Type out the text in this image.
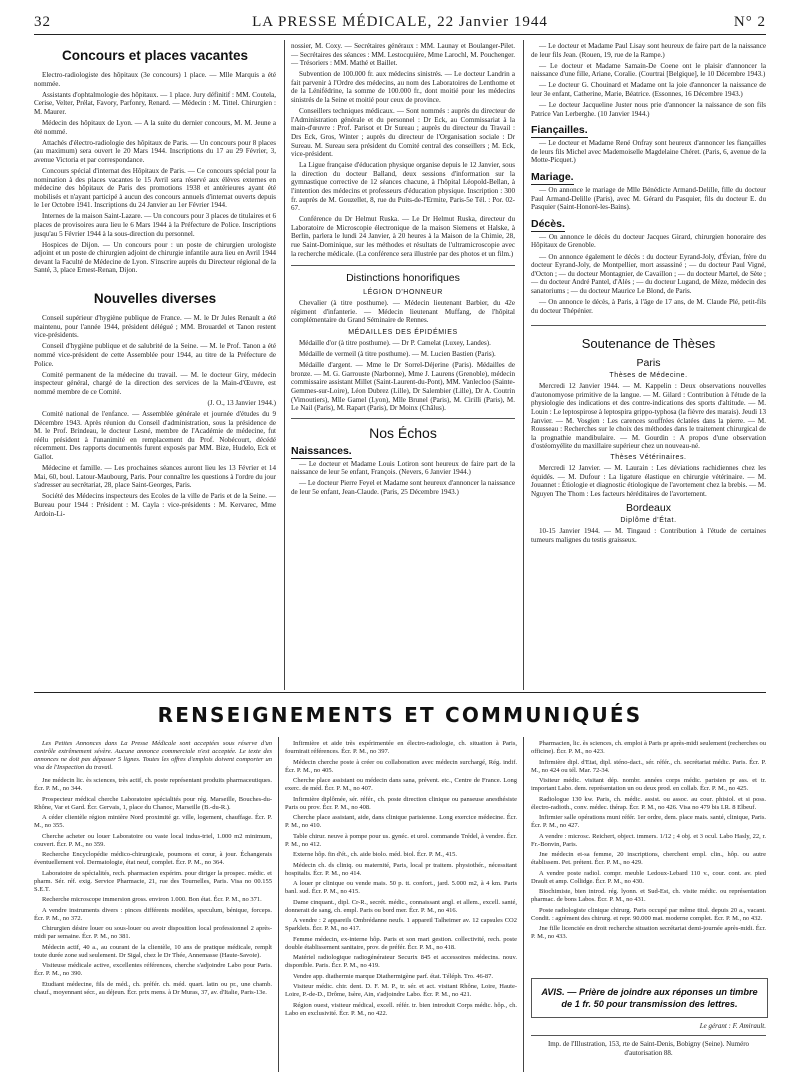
32	LA PRESSE MÉDICALE, 22 Janvier 1944	N° 2
Concours et places vacantes

Electro-radiologiste des hôpitaux (3e concours) 1 place. — Mlle Marquis a été nommée.

Assistants d'ophtalmologie des hôpitaux. — 1 place. Jury définitif : MM. Coutela, Cerise, Velter, Prélat, Favory, Parfonry, Renard. — Médecin : M. Tittel. Chirurgien : M. Maurer.

Médecin des hôpitaux de Lyon. — A la suite du dernier concours, M. M. Jeune a été nommé.

Attachés d'électro-radiologie des hôpitaux de Paris. — Un concours pour 8 places (au maximum) sera ouvert le 20 Mars 1944. Inscriptions du 17 au 29 Février, 3, avenue Victoria et par correspondance.

Concours spécial d'internat des Hôpitaux de Paris. — Ce concours spécial pour la nomination à des places vacantes le 15 Avril sera réservé aux élèves externes en médecine des hôpitaux de Paris des promotions 1938 et antérieures ayant été mobilisés et n'ayant participé à aucun des concours annuels d'internat ouverts depuis le 1er Octobre 1941. Inscriptions du 24 Janvier au 1er Février 1944.

Internes de la maison Saint-Lazare. — Un concours pour 3 places de titulaires et 6 places de provisoires aura lieu le 6 Mars 1944 à la Préfecture de Police. Inscriptions jusqu'au 5 Février 1944 à la sous-direction du personnel.

Hospices de Dijon. — Un concours pour : un poste de chirurgien urologiste adjoint et un poste de chirurgien adjoint de chirurgie infantile aura lieu en Avril 1944 devant la Faculté de Médecine de Lyon. S'inscrire auprès du Directeur régional de la Santé, 3, place Ernest-Renan, Dijon.

Nouvelles diverses

Conseil supérieur d'hygiène publique de France. — M. le Dr Jules Renault a été maintenu, pour l'année 1944, président délégué ; MM. Brouardel et Tanon restent vice-présidents.

Conseil d'hygiène publique et de salubrité de la Seine. — M. le Prof. Tanon a été nommé vice-président de cette Assemblée pour 1944, au titre de la Préfecture de Police.

Comité permanent de la médecine du travail. — M. le docteur Giry, médecin inspecteur général, chargé de la direction des services de la Main-d'Œuvre, est nommé membre de ce Comité.

(J. O., 13 Janvier 1944.)

Comité national de l'enfance. — Assemblée générale et journée d'études du 9 Décembre 1943. Après réunion du Conseil d'administration, sous la présidence de M. le Prof. Brindeau, le docteur Lesné, membre de l'Académie de médecine, fut réélu président à l'unanimité en remplacement du Prof. Nobécourt, décédé récemment. Des rapports documentés furent exposés par MM. Bize, Hudelo, Eck et Gallot.

Médecine et famille. — Les prochaines séances auront lieu les 13 Février et 14 Mai, 60, boul. Latour-Maubourg, Paris. Pour connaître les questions à l'ordre du jour s'adresser au secrétariat, 28, place Saint-Georges, Paris.

Société des Médecins inspecteurs des Ecoles de la ville de Paris et de la Seine. — Bureau pour 1944 : Président : M. Cayla : vice-présidents : M. Kervarec, Mme Ardoin-Li-

nossier, M. Coxy. — Secrétaires généraux : MM. Launay et Boulanger-Pilet. — Secrétaires des séances : MM. Lestocquière, Mme Larochl, M. Pouchenger. — Trésoriers : MM. Mathé et Baillet.

Subvention de 100.000 fr. aux médecins sinistrés. — Le docteur Landrin a fait parvenir à l'Ordre des médecins, au nom des Laboratoires de Lenthome et de la Lénifédrine, la somme de 100.000 fr., dont moitié pour les médecins sinistrés de la Seine et moitié pour ceux de province.

Conseillers techniques médicaux. — Sont nommés : auprès du directeur de l'Administration générale et du personnel : Dr Eck, au Commissariat à la main-d'œuvre : Prof. Parisot et Dr Sureau ; auprès du directeur du Travail : Drs Eck, Gros, Winter ; auprès du directeur de l'Organisation sociale : Dr Sureau. M. Sureau sera président du Comité central des conseillers ; M. Eck, vice-président.

La Ligue française d'éducation physique organise depuis le 12 Janvier, sous la direction du docteur Balland, deux sessions d'information sur la gymnastique corrective de 12 séances chacune, à l'hôpital Léopold-Bellan, à l'intention des médecins et professeurs d'éducation physique. Inscription : 300 fr. auprès de M. Gouzellet, 8, rue du Puits-de-l'Ermite, Paris-5e Tél. : Por. 02-67.

Conférence du Dr Helmut Ruska. — Le Dr Helmut Ruska, directeur du Laboratoire de Microscopie électronique de la maison Siemens et Halske, à Berlin, parlera le lundi 24 Janvier, à 20 heures à la Maison de la Chimie, 28, rue Saint-Dominique, sur les méthodes et résultats de l'ultramicroscopie avec la recherche médicale. (La conférence sera illustrée par des photos et un film.)

Distinctions honorifiques
LÉGION D'HONNEUR

Chevalier (à titre posthume). — Médecin lieutenant Barbier, du 42e régiment d'infanterie. — Médecin lieutenant Muffang, de l'hôpital complémentaire du Grand Séminaire de Rennes.

MÉDAILLES DES ÉPIDÉMIES

Médaille d'or (à titre posthume). — Dr P. Camelat (Luxey, Landes).

Médaille de vermeil (à titre posthume). — M. Lucien Bastien (Paris).

Médaille d'argent. — Mme le Dr Sorrel-Déjerine (Paris). Médailles de bronze. — M. G. Garrouste (Narbonne), Mme J. Laurens (Grenoble), médecin commissaire assistant Millet (Saint-Laurent-du-Pont), MM. Vanlecloo (Sainte-Gemmes-sur-Loire), Léon Dubrez (Lille), Dr Salembier (Lille), Dr A. Coutrin (Vimoutiers), Mlle Gamel (Lyon), Mlle Brunel (Paris), M. Cirilli (Paris), M. Le Nail (Paris), M. Rapart (Paris), Dr Moinx (Châlus).

Nos Échos
Naissances.

— Le docteur et Madame Louis Lotiron sont heureux de faire part de la naissance de leur 5e enfant, François. (Nevers, 6 Janvier 1944.)

— Le docteur Pierre Feyel et Madame sont heureux d'annoncer la naissance de leur 5e enfant, Jean-Claude. (Paris, 25 Décembre 1943.)

— Le docteur et Madame Paul Lisay sont heureux de faire part de la naissance de leur fils Jean. (Rouen, 19, rue de la Rampe.)

— Le docteur et Madame Samain-De Coene ont le plaisir d'annoncer la naissance d'une fille, Ariane, Coralie. (Courtrai [Belgique], le 10 Décembre 1943.)

— Le docteur G. Chouinard et Madame ont la joie d'annoncer la naissance de leur 3e enfant, Catherine, Marie, Béatrice. (Essonnes, 16 Décembre 1943.)

— Le docteur Jacqueline Juster nous prie d'annoncer la naissance de son fils Patrice Van Lerberghe. (10 Janvier 1944.)

Fiançailles.

— Le docteur et Madame René Onfray sont heureux d'annoncer les fiançailles de leurs fils Michel avec Mademoiselle Magdelaine Chéret. (Paris, 6, avenue de la Motte-Picquet.)

Mariage.

— On annonce le mariage de Mlle Bénédicte Armand-Delille, fille du docteur Paul Armand-Delille (Paris), avec M. Gérard du Pasquier, fils du docteur E. du Pasquier (Saint-Honoré-les-Bains).

Décès.

— On annonce le décès du docteur Jacques Girard, chirurgien honoraire des Hôpitaux de Grenoble.

— On annonce également le décès : du docteur Eyrand-Joly, d'Évian, frère du docteur Eyrand-Joly, de Montpellier, mort assassiné ; — du docteur Paul Vigné, d'Octon ; — du docteur Montagnier, de Cavaillon ; — du docteur Martel, de Sète ; — du docteur André Pantel, d'Alès ; — du docteur Lugand, de Mèze, médecin des sanatoriums ; — du docteur Maurice Le Blond, de Paris.

— On annonce le décès, à Paris, à l'âge de 17 ans, de M. Claude Plé, petit-fils du docteur Thépénier.

Soutenance de Thèses
Paris
Thèses de Médecine.

Mercredi 12 Janvier 1944. — M. Kappelin : Deux observations nouvelles d'autonomyose primitive de la langue. — M. Gilard : Contribution à l'étude de la physiologie des indications et des contre-indications des sports d'altitude. — M. Louin : Le leptospirose à leptospira grippo-typhosa (la fièvre des marais). Jeudi 13 Janvier. — M. Vosgien : Les carences souffrées éclatées dans la pierre. — M. Rousseau : Recherches sur le choix des méthodes dans le traitement chirurgical de la prognathie mandibulaire. — M. Gourdin : A propos d'une observation d'ostéomyélite du maxillaire supérieur chez un nouveau-né.

Thèses Vétérinaires.

Mercredi 12 Janvier. — M. Laurain : Les déviations rachidiennes chez les équidés. — M. Dufour : La ligature élastique en chirurgie vétérinaire. — M. Jouannet : Étiologie et diagnostic étiologique de l'avortement chez la brebis. — M. Nguyen The Thom : Les facteurs héréditaires de l'avortement.

Bordeaux
Diplôme d'État.

10-15 Janvier 1944. — M. Tingaud : Contribution à l'étude de certaines tumeurs malignes du testis graisseux.

RENSEIGNEMENTS ET COMMUNIQUÉS

Les Petites Annonces dans La Presse Médicale sont acceptées sous réserve d'un contrôle extrêmement sévère. Aucune annonce commerciale n'est acceptée. Le texte des annonces ne doit pas dépasser 5 lignes. Toutes les offres d'emplois doivent comporter un visa de l'Inspection du travail.

Jne médecin lic. ès sciences, très actif, ch. poste représentant produits pharmaceutiques. Écr. P. M., no 344.

Prospecteur médical cherche Laboratoire spécialités pour rég. Marseille, Bouches-du-Rhône, Var et Gard. Écr. Gervais, 1, place du Chanoc, Marseille (B.-du-R.).

A céder clientèle région minière Nord proximité gr. ville, logement, chauffage. Écr. P. M., no 355.

Cherche acheter ou louer Laboratoire ou vaste local indus-triel, 1.000 m2 minimum, couvert. Écr. P. M., no 359.

Recherche Encyclopédie médico-chirurgicale, poumons et cœur, à jour. Échangerais éventuellement vol. Dermatologie, état neuf, complet. Écr. P. M., no 364.

Laboratoire de spécialités, rech. pharmacien expérim. pour diriger la prospec. médic. et pharm. Sér. réf. exig. Service Pharmacie, 21, rue des Tournelles, Paris. Visa no 00.155 S.E.T.

Recherche microscope immersion gross. environ 1.000. Bon état. Écr. P. M., no 371.

A vendre instruments divers : pinces différents modèles, speculum, bénique, forceps. Écr. P. M., no 372.

Chirurgien désire louer ou sous-louer ou avoir disposition local professionnel 2 après-midi par semaine. Écr. P. M., no 381.

Médecin actif, 40 a., au courant de la clientèle, 10 ans de pratique médicale, remplt toute durée zone sud seulement. Dr Sigal, chez le Dr Thée, Annemasse (Haute-Savoie).

Visiteuse médicale active, excellentes références, cherche s'adjoindre Labo pour Paris. Écr. P. M., no 390.

Etudiant médecine, fils de méd., ch. préfér. ch. méd. quart. latin ou pr., une chamb. chauf., moyennant sécr., au déjeun. Écr. prix mens. à Dr Muras, 37, av. d'Italie, Paris-13e.

Infirmière et aide très expérimentée en électro-radiologie, ch. situation à Paris, fournirait références. Écr. P. M., no 397.

Médecin cherche poste à créer ou collaboration avec médecin surchargé, Rég. indif. Écr. P. M., no 405.

Cherche place assistant ou médecin dans sana, prévent. etc., Centre de France. Long exerc. de méd. Écr. P. M., no 407.

Infirmière diplômée, sér. référ., ch. poste direction clinique ou panseuse anesthésiste Paris ou prov. Écr. P. M., no 408.

Cherche place assistant, aide, dans clinique parisienne. Long exercice médecine. Écr. P. M., no 410.

Table chirur. neuve à pompe pour us. gynéc. et urol. commande Trédel, à vendre. Écr. P. M., no 412.

Externe hôp. fin d'ét., ch. aide biolo. méd. biol. Écr. P. M., 415.

Médecin ch. ds cliniq. ou maternité, Paris, local pr traitem. physiothér., nécessitant hospitalis. Écr. P. M., no 414.

A louer pr clinique ou vende mais. 50 p. tt. confort., jard. 5.000 m2, à 4 km. Paris banl. sud. Écr. P. M., no 415.

Dame cinquant., dipl. Cr-R., secrét. médic., connaissant angl. et allem., excell. santé, donnerait de sang, ch. empl. Paris ou bord mer. Écr. P. M., no 416.

A vendre : 2 appareils Ombrédanne neufs. 1 appareil Talheimer av. 12 capsules CO2 Sparklets. Écr. P. M., no 417.

Femme médecin, ex-interne hôp. Paris et son mari gestion. collectivité, rech. poste double établissement sanitaire, prov. de préfér. Écr. P. M., no 418.

Matériel radiologique radiogénérateur Securix 845 et accessoires médecins. nouv. disponible. Paris. Écr. P. M., no 419.

Vendre app. diathermie marque Diathermigène parf. état. Téléph. Tro. 46-87.

Visiteur médic. chir. dent. D. F. M. P., tr. sér. et act. visitant Rhône, Loire, Haute-Loire, P.-de-D., Drôme, Isère, Ain, s'adjoindre Labo. Écr. P. M., no 421.

Région ouest, visiteur médical, excell. référ. tr. bien introduit Corps médic. hôp., ch. Labo en exclusivité. Écr. P. M., no 422.

Pharmacien, lic. ès sciences, ch. emploi à Paris pr après-midi seulement (recherches ou officine). Écr. P. M., no 423.

Infirmière dipl. d'Etat, dipl. sténo-dact., sér. référ., ch. secrétariat médic. Paris. Écr. P. M., no 424 ou tél. Mar. 72-34.

Visiteur médic. visitant dép. nombr. années corps médic. parisien pr ass. et tr. important Labo. dem. représentation un ou deux prod. en collab. Écr. P. M., no 425.

Radiologue 130 kw. Paris, ch. médic. assist. ou assoc. au cour. phisiol. et si poss. électro-radioth., conv. médec. thérap. Écr. P. M., no 426. Visa no 479 bis I.R. 8 Elbeuf.

Infirmier salle opérations muni référ. 1er ordre, dem. place mais. santé, clinique, Paris. Écr. P. M., no 427.

A vendre : microsc. Reichert, object. immers. 1/12 ; 4 obj. et 3 ocul. Labo Hasly, 22, r. Fr.-Bonvin, Paris.

Jne médecin et-sa femme, 20 inscriptions, cherchent empl. clin., hôp. ou autre établissem. Pet. prétent. Écr. P. M., no 429.

A vendre poste radiol. compr. meuble Ledoux-Lebard 110 v., cour. cont. av. pied Drault et amp. Collidge. Écr. P. M., no 430.

Biochimiste, bien introd. rég. lyonn. et Sud-Est, ch. visite médic. ou représentation pharmac. de bons Labos. Écr. P. M., no 431.

Poste radiologiste clinique chirurg. Paris occupé par même titul. depuis 20 a., vacant. Condit. : agrément des chirurg. et repr. 90.000 mat. moderne complet. Écr. P. M., no 432.

Jne fille licenciée en droit recherche situation secrétariat demi-journée après-midi. Écr. P. M., no 433.

AVIS. — Prière de joindre aux réponses un timbre de 1 fr. 50 pour transmission des lettres.
Le gérant : F. Amirault.
Imp. de l'Illustration, 153, rte de Saint-Denis, Bobigny (Seine). Numéro d'autorisation 88.
